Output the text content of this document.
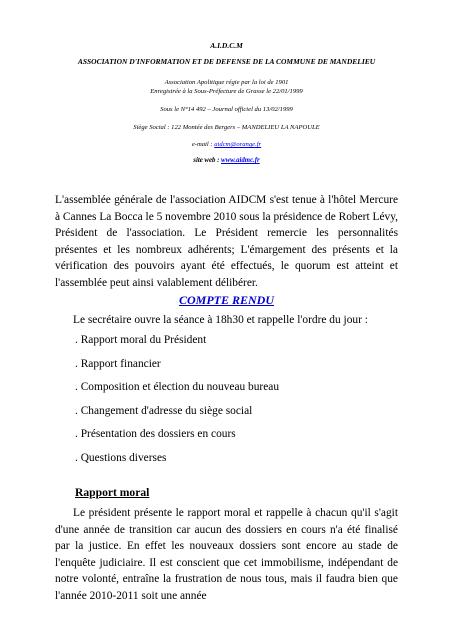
A.I.D.C.M
ASSOCIATION D'INFORMATION ET DE DEFENSE DE LA COMMUNE DE MANDELIEU
Association Apolitique régie par la loi de 1901
Enregistrée à la Sous-Préfecture de Grasse le 22/01/1999
Sous le N°14 492 – Journal officiel du 13/02/1999
Siège Social : 122 Montée des Bergers – MANDELIEU LA NAPOULE
e-mail : aidcm@orange.fr
site web : www.aidmc.fr

L'assemblée générale de l'association AIDCM s'est tenue à l'hôtel Mercure à Cannes La Bocca le 5 novembre 2010 sous la présidence de Robert Lévy, Président de l'association. Le Président remercie les personnalités présentes et les nombreux adhérents; L'émargement des présents et la vérification des pouvoirs ayant été effectués, le quorum est atteint et l'assemblée peut ainsi valablement délibérer.

COMPTE RENDU
Le secrétaire ouvre la séance à 18h30 et rappelle l'ordre du jour :
. Rapport moral du Président
. Rapport financier
. Composition et élection du nouveau bureau
. Changement d'adresse du siège social
. Présentation des dossiers en cours
. Questions diverses
Rapport moral

Le président présente le rapport moral et rappelle à chacun qu'il s'agit d'une année de transition car aucun des dossiers en cours n'a été finalisé par la justice. En effet les nouveaux dossiers sont encore au stade de l'enquête judiciaire. Il est conscient que cet immobilisme, indépendant de notre volonté, entraîne la frustration de nous tous, mais il faudra bien que l'année 2010-2011 soit une année
